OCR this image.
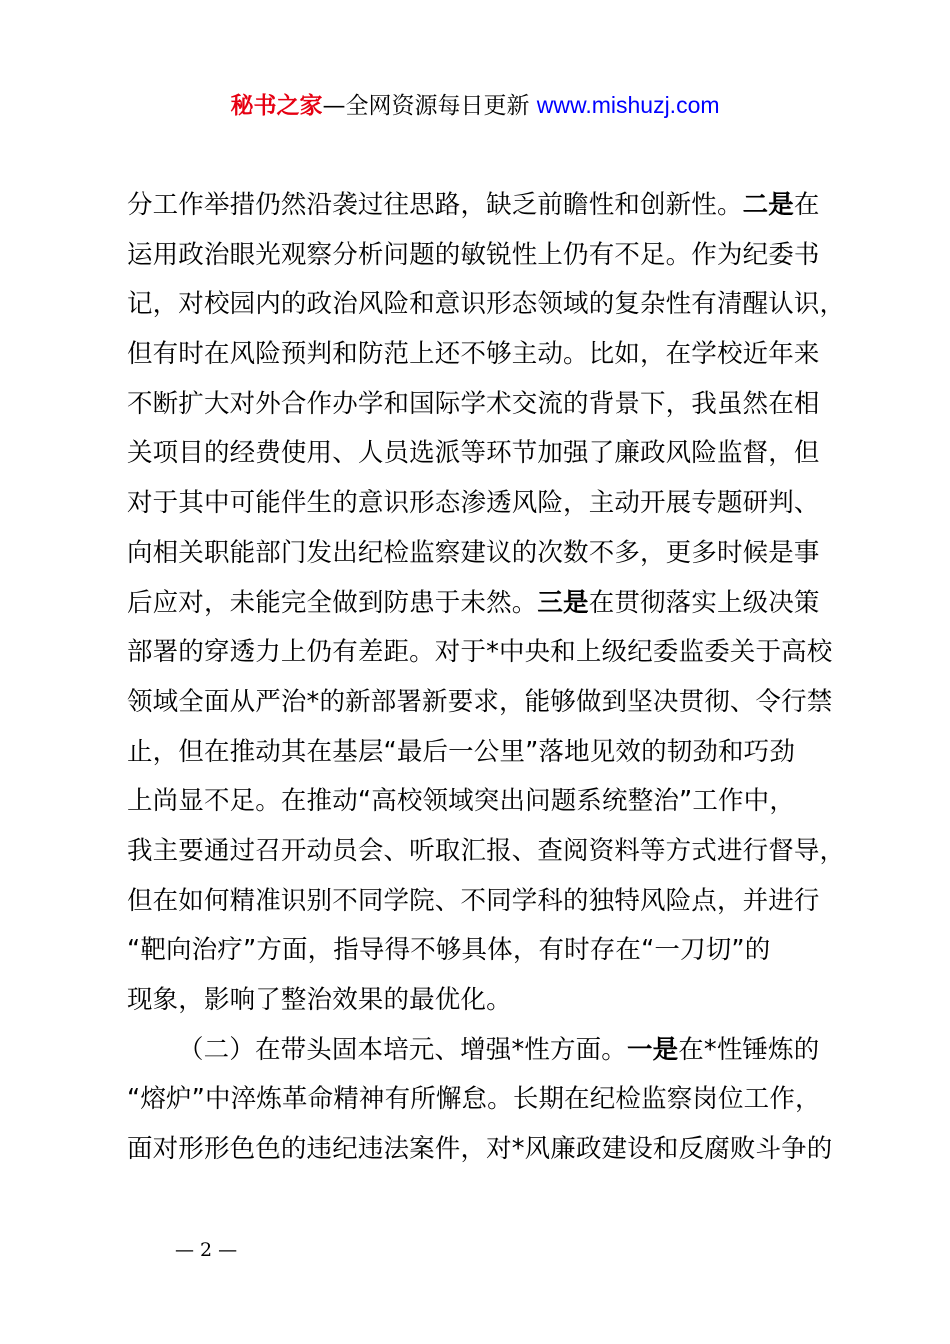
秘书之家—全网资源每日更新 www.mishuzj.com
分工作举措仍然沿袭过往思路，缺乏前瞻性和创新性。二是在
运用政治眼光观察分析问题的敏锐性上仍有不足。作为纪委书
记，对校园内的政治风险和意识形态领域的复杂性有清醒认识，
但有时在风险预判和防范上还不够主动。比如，在学校近年来
不断扩大对外合作办学和国际学术交流的背景下，我虽然在相
关项目的经费使用、人员选派等环节加强了廉政风险监督，但
对于其中可能伴生的意识形态渗透风险，主动开展专题研判、
向相关职能部门发出纪检监察建议的次数不多，更多时候是事
后应对，未能完全做到防患于未然。三是在贯彻落实上级决策
部署的穿透力上仍有差距。对于*中央和上级纪委监委关于高校
领域全面从严治*的新部署新要求，能够做到坚决贯彻、令行禁
止，但在推动其在基层“最后一公里”落地见效的韧劲和巧劲
上尚显不足。在推动“高校领域突出问题系统整治”工作中，
我主要通过召开动员会、听取汇报、查阅资料等方式进行督导，
但在如何精准识别不同学院、不同学科的独特风险点，并进行
“靶向治疗”方面，指导得不够具体，有时存在“一刀切”的
现象，影响了整治效果的最优化。
（二）在带头固本培元、增强*性方面。一是在*性锤炼的
“熔炉”中淬炼革命精神有所懈怠。长期在纪检监察岗位工作，
面对形形色色的违纪违法案件，对*风廉政建设和反腐败斗争的
— 2 —
